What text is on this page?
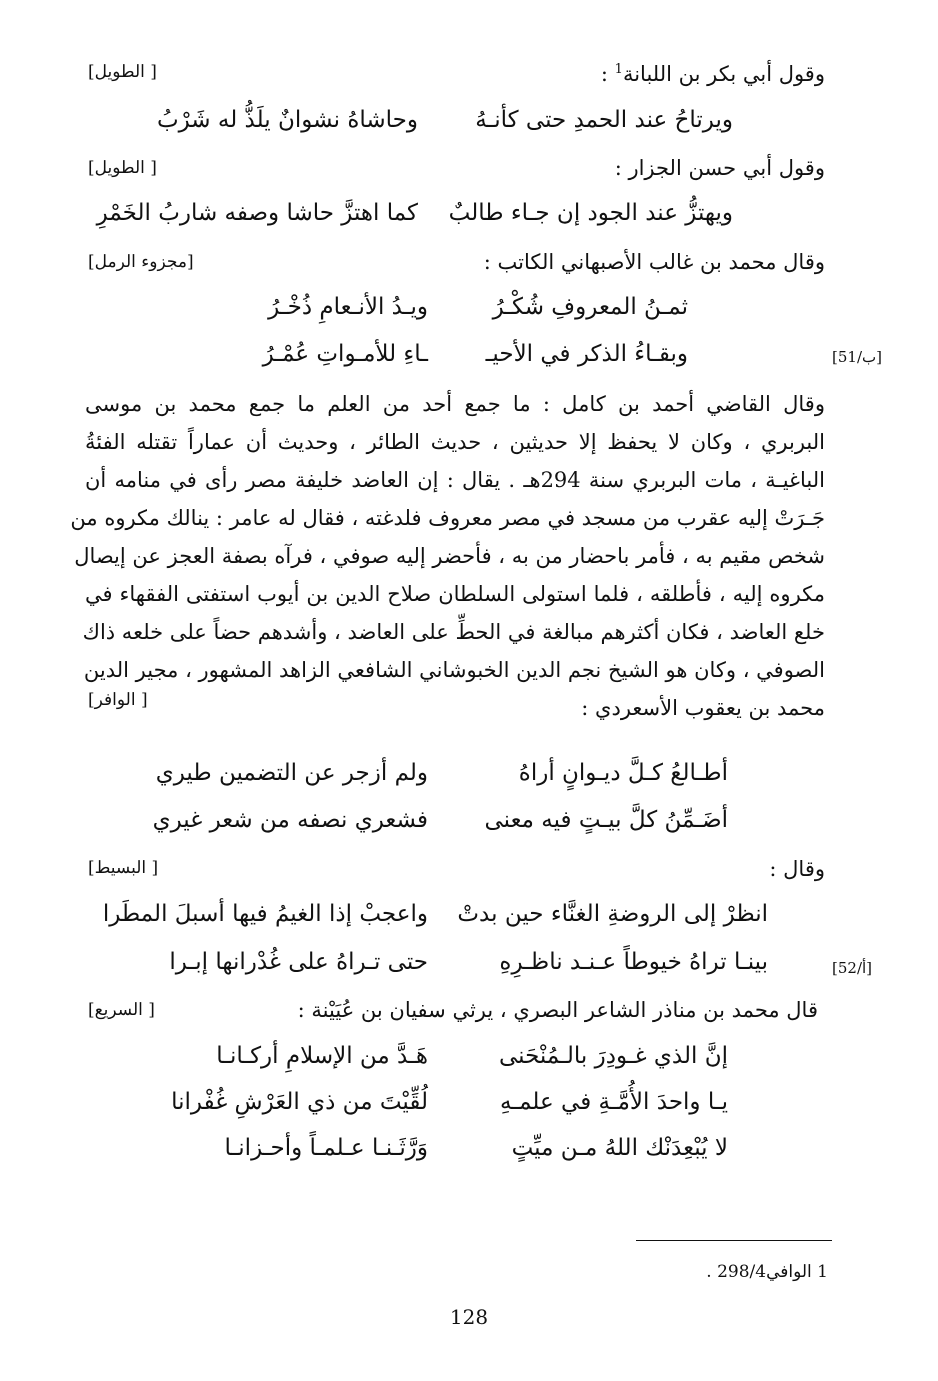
وقول أبي بكر بن اللبانة$^1$ :
[ الطويل]
ويرتاحُ عند الحمدِ حتى كأنـهُ
وحاشاهُ نشوانٌ يلَذُّ له شَرْبُ
وقول أبي حسن الجزار :
[ الطويل]
ويهتزُّ عند الجود إن جـاء طالبٌ
كما اهتزَّ حاشا وصفه شاربُ الخَمْرِ
وقال محمد بن غالب الأصبهاني الكاتب :
[مجزوء الرمل]
ثمـنُ المعروفِ شُكْـرُ
ويـدُ الأنـعامِ ذُخْـرُ
وبقـاءُ الذكر في الأحيـ
ـاءِ للأمـواتِ عُمْـرُ	[51/ب]
وقال القاضي أحمد بن كامل : ما جمع أحد من العلم ما جمع محمد بن موسى
البربري ، وكان لا يحفظ إلا حديثين ، حديث الطائر ، وحديث أن عماراً تقتله الفئةُ
الباغيـة ، مات البربري سنة 294هـ . يقال : إن العاضد خليفة مصر رأى في منامه أن
جَـرَتْ إليه عقرب من مسجد في مصر معروف فلدغته ، فقال له عامر : ينالك مكروه من
شخص مقيم به ، فأمر باحضار من به ، فأحضر إليه صوفي ، فرآه بصفة العجز عن إيصال
مكروه إليه ، فأطلقه ، فلما استولى السلطان صلاح الدين بن أيوب استفتى الفقهاء في
خلع العاضد ، فكان أكثرهم مبالغة في الحطِّ على العاضد ، وأشدهم حضاً على خلعه ذاك
الصوفي ، وكان هو الشيخ نجم الدين الخبوشاني الشافعي الزاهد المشهور ، مجير الدين
محمد بن يعقوب الأسعردي :
[ الوافر]
أطـالعُ كـلَّ ديـوانٍ أراهُ
ولم أزجر عن التضمين طيري
أضَـمِّنُ كلَّ بيـتٍ فيه معنى
فشعري نصفه من شعر غيري
وقال :
[ البسيط]
انظرْ إلى الروضةِ الغنَّاء حين بدتْ
واعجبْ إذا الغيمُ فيها أسبلَ المطَرا
بينـا تراهُ خيوطاً عـنـد ناظـرِهِ
حتى تـراهُ على غُدْرانها إبـرا	[52/أ]
قال محمد بن مناذر الشاعر البصري ، يرثي سفيان بن عُيَيْنة :
[ السريع]
إنَّ الذي غـودِرَ بالـمُنْحَنى
هَـدَّ من الإسلامِ أركـانـا
يـا واحدَ الأُمَّـةِ في علمـهِ
لُقِّيْتَ من ذي العَرْشِ غُفْرانا
لا يُبْعِدَنْك اللهُ مـن ميِّتٍ
وَرَّثَـنـا عـلمـاً وأحـزانـا
1 الوافي298/4 .
128
